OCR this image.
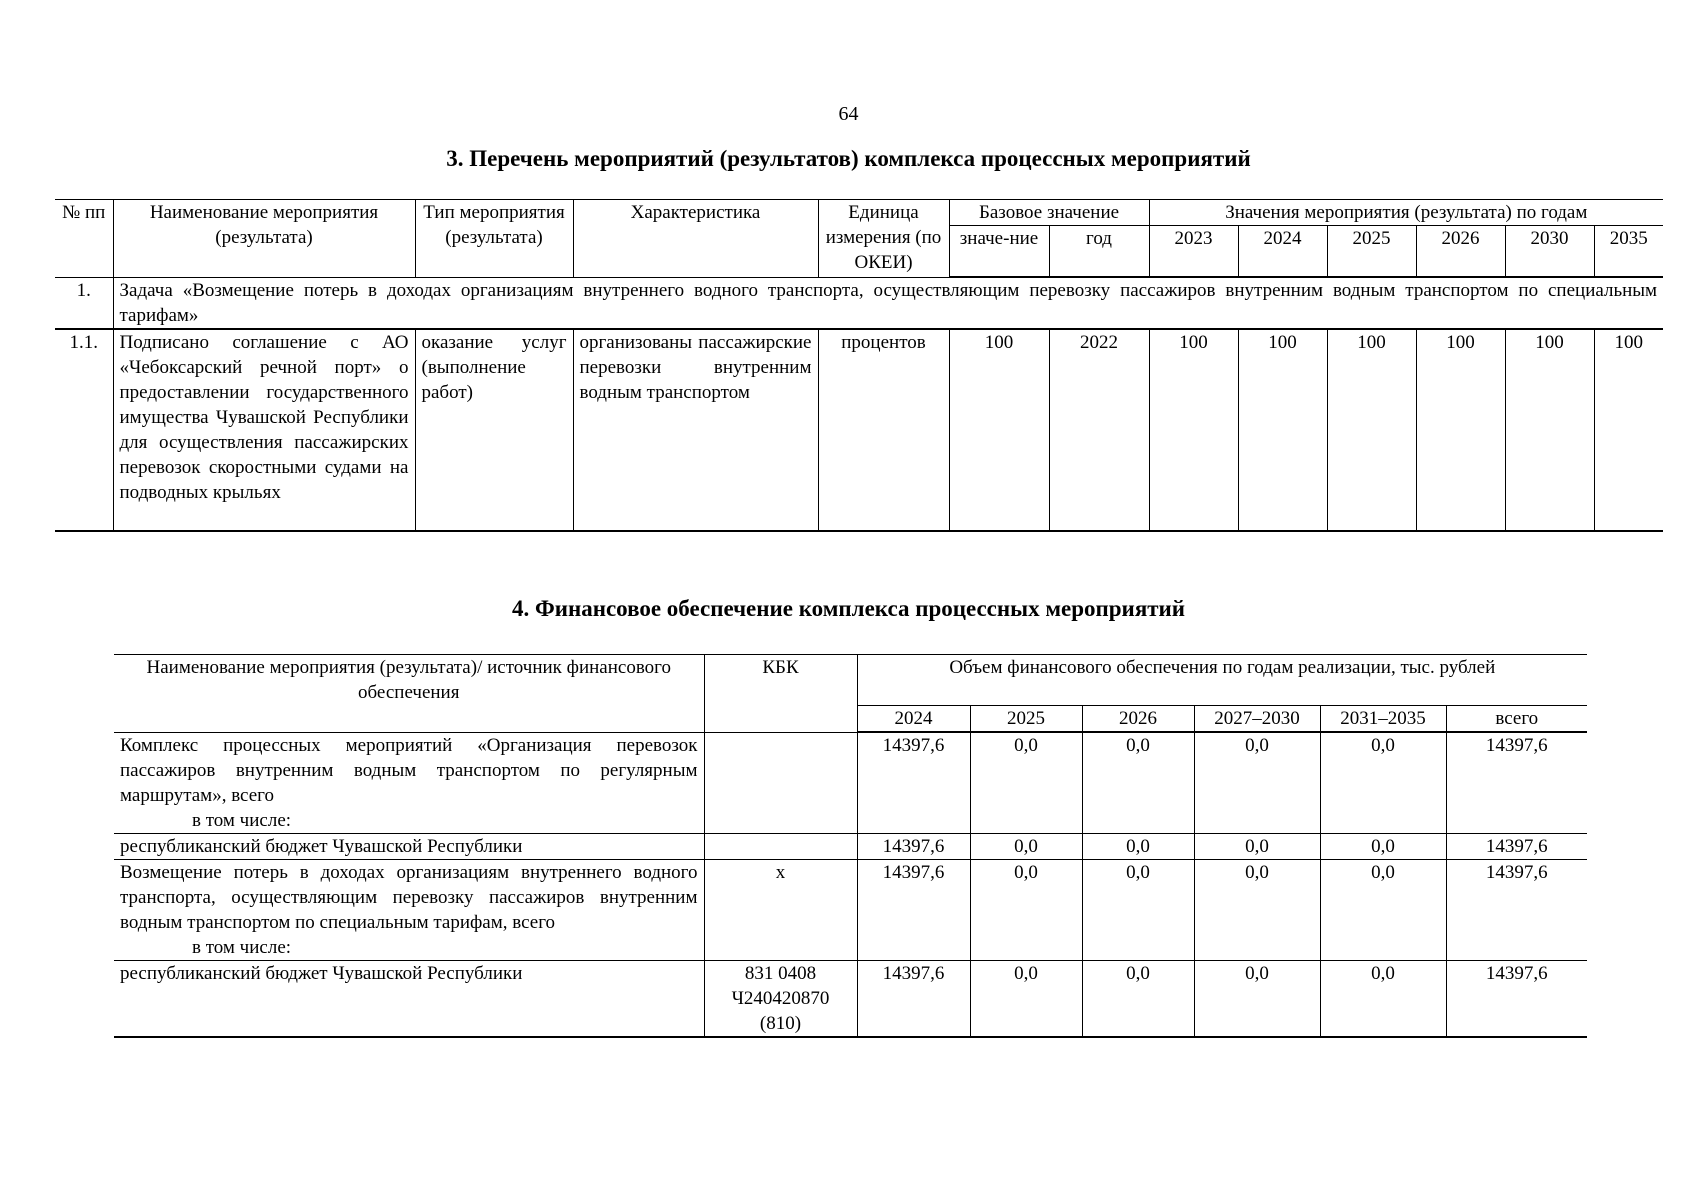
64
3. Перечень мероприятий (результатов) комплекса процессных мероприятий
№ пп	Наименование мероприятия (результата)	Тип мероприятия (результата)	Характеристика	Единица измерения (по ОКЕИ)	Базовое значение		Значения мероприятия (результата) по годам					
					значе-ние	год	2023	2024	2025	2026	2030	2035
1.	Задача «Возмещение потерь в доходах организациям внутреннего водного транспорта, осуществляющим перевозку пассажиров внутренним водным транспортом по специальным тарифам»											
1.1.	Подписано соглашение с АО «Чебоксарский речной порт» о предоставлении государственного имущества Чувашской Республики для осуществления пассажирских перевозок скоростными судами на подводных крыльях	оказание услуг (выполнение работ)	организованы пассажирские перевозки внутренним водным транспортом	процентов	100	2022	100	100	100	100	100	100
4. Финансовое обеспечение комплекса процессных мероприятий
Наименование мероприятия (результата)/ источник финансового обеспечения	КБК	Объем финансового обеспечения по годам реализации, тыс. рублей					
		2024	2025	2026	2027–2030	2031–2035	всего
Комплекс процессных мероприятий «Организация перевозок пассажиров внутренним водным транспортом по регулярным маршрутам», всего
в том числе:		14397,6	0,0	0,0	0,0	0,0	14397,6
республиканский бюджет Чувашской Республики		14397,6	0,0	0,0	0,0	0,0	14397,6
Возмещение потерь в доходах организациям внутреннего водного транспорта, осуществляющим перевозку пассажиров внутренним водным транспортом по специальным тарифам, всего
в том числе:	х	14397,6	0,0	0,0	0,0	0,0	14397,6
республиканский бюджет Чувашской Республики	831 0408 Ч240420870 (810)	14397,6	0,0	0,0	0,0	0,0	14397,6
